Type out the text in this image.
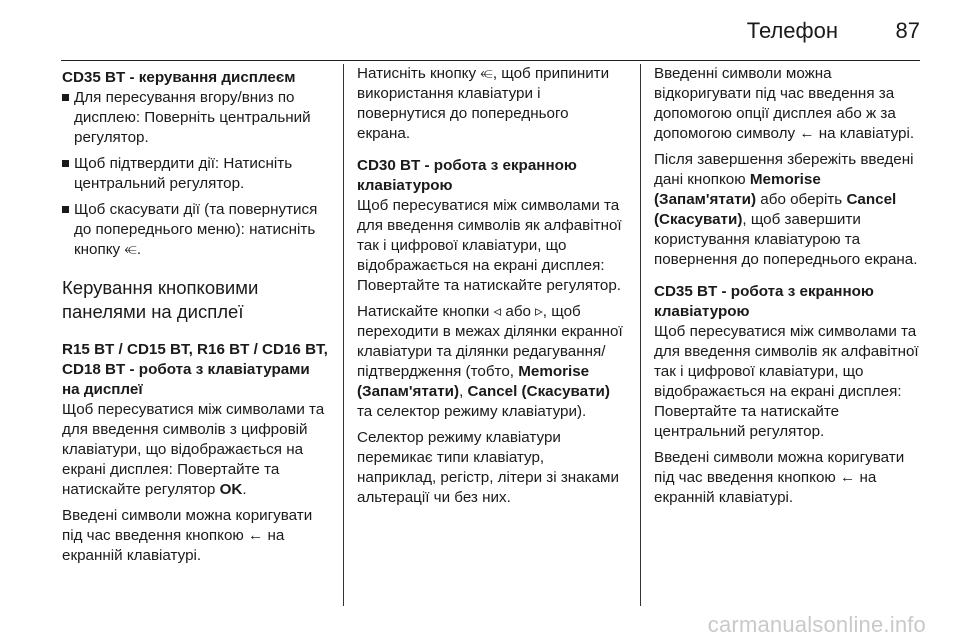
Телефон	87
CD35 BT - керування дисплеєм
Для пересування вгору/вниз по дисплею: Поверніть центральний регулятор.
Щоб підтвердити дії: Натисніть центральний регулятор.
Щоб скасувати дії (та повернутися до попереднього меню): натисніть кнопку ⥺.
Керування кнопковими панелями на дисплеї
R15 BT / CD15 BT, R16 BT / CD16 BT, CD18 BT - робота з клавіатурами на дисплеї

Щоб пересуватися між символами та для введення символів з цифровій клавіатури, що відображається на екрані дисплея: Повертайте та натискайте регулятор OK.

Введені символи можна коригувати під час введення кнопкою ← на екранній клавіатурі.

Натисніть кнопку ⥺, щоб припинити використання клавіатури і повернутися до попереднього екрана.

CD30 BT - робота з екранною клавіатурою

Щоб пересуватися між символами та для введення символів як алфавітної так і цифрової клавіатури, що відображається на екрані дисплея: Повертайте та натискайте регулятор.

Натискайте кнопки ◃ або ▹, щоб переходити в межах ділянки екранної клавіатури та ділянки редагування/підтвердження (тобто, Memorise (Запам'ятати), Cancel (Скасувати) та селектор режиму клавіатури).

Селектор режиму клавіатури перемикає типи клавіатур, наприклад, регістр, літери зі знаками альтерації чи без них.

Введенні символи можна відкоригувати під час введення за допомогою опції дисплея або ж за допомогою символу ← на клавіатурі.

Після завершення збережіть введені дані кнопкою Memorise (Запам'ятати) або оберіть Cancel (Скасувати), щоб завершити користування клавіатурою та повернення до попереднього екрана.

CD35 BT - робота з екранною клавіатурою

Щоб пересуватися між символами та для введення символів як алфавітної так і цифрової клавіатури, що відображається на екрані дисплея: Повертайте та натискайте центральний регулятор.

Введені символи можна коригувати під час введення кнопкою ← на екранній клавіатурі.

carmanualsonline.info
